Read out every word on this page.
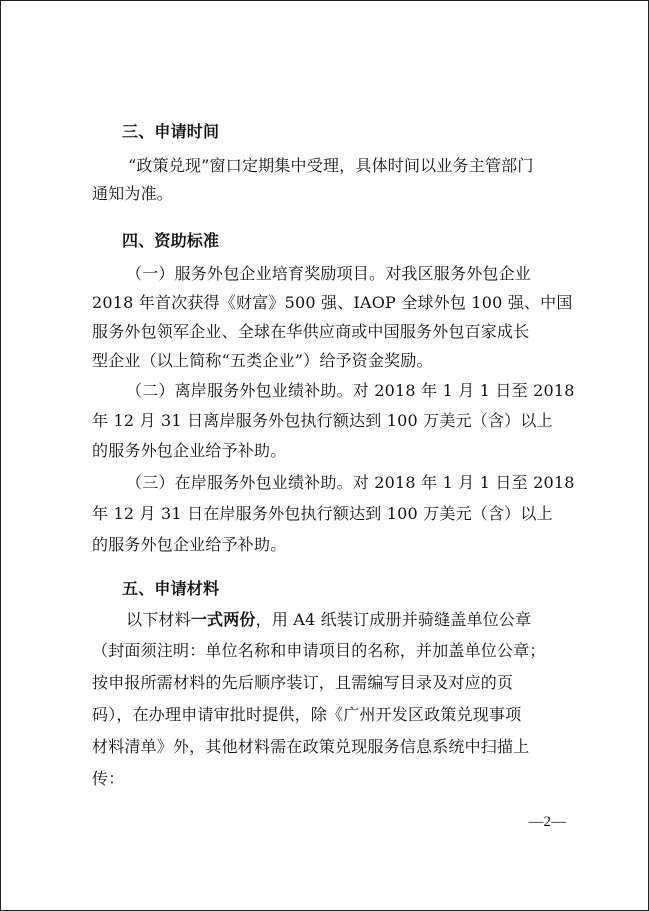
三、申请时间
“政策兑现”窗口定期集中受理，具体时间以业务主管部门
通知为准。
四、资助标准
（一）服务外包企业培育奖励项目。对我区服务外包企业
2018 年首次获得《财富》500 强、IAOP 全球外包 100 强、中国
服务外包领军企业、全球在华供应商或中国服务外包百家成长
型企业（以上简称“五类企业”）给予资金奖励。
（二）离岸服务外包业绩补助。对 2018 年 1 月 1 日至 2018
年 12 月 31 日离岸服务外包执行额达到 100 万美元（含）以上
的服务外包企业给予补助。
（三）在岸服务外包业绩补助。对 2018 年 1 月 1 日至 2018
年 12 月 31 日在岸服务外包执行额达到 100 万美元（含）以上
的服务外包企业给予补助。
五、申请材料
以下材料一式两份，用 A4 纸装订成册并骑缝盖单位公章
（封面须注明：单位名称和申请项目的名称，并加盖单位公章；
按申报所需材料的先后顺序装订，且需编写目录及对应的页
码），在办理申请审批时提供，除《广州开发区政策兑现事项
材料清单》外，其他材料需在政策兑现服务信息系统中扫描上
传：
—2—
